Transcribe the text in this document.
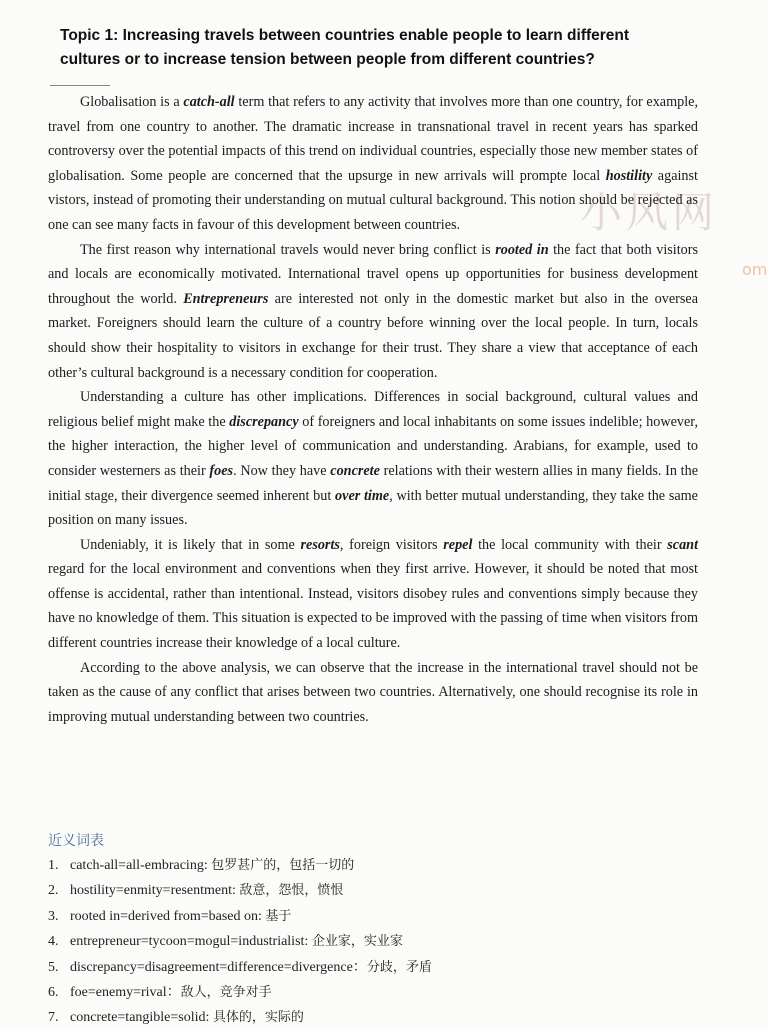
Topic 1: Increasing travels between countries enable people to learn different
cultures or to increase tension between people from different countries?
小风网
om

Globalisation is a catch-all term that refers to any activity that involves more than one country, for example, travel from one country to another. The dramatic increase in transnational travel in recent years has sparked controversy over the potential impacts of this trend on individual countries, especially those new member states of globalisation. Some people are concerned that the upsurge in new arrivals will prompte local hostility against vistors, instead of promoting their understanding on mutual cultural background. This notion should be rejected as one can see many facts in favour of this development between countries.

The first reason why international travels would never bring conflict is rooted in the fact that both visitors and locals are economically motivated. International travel opens up opportunities for business development throughout the world. Entrepreneurs are interested not only in the domestic market but also in the oversea market. Foreigners should learn the culture of a country before winning over the local people. In turn, locals should show their hospitality to visitors in exchange for their trust. They share a view that acceptance of each other’s cultural background is a necessary condition for cooperation.

Understanding a culture has other implications. Differences in social background, cultural values and religious belief might make the discrepancy of foreigners and local inhabitants on some issues indelible; however, the higher interaction, the higher level of communication and understanding. Arabians, for example, used to consider westerners as their foes. Now they have concrete relations with their western allies in many fields. In the initial stage, their divergence seemed inherent but over time, with better mutual understanding, they take the same position on many issues.

Undeniably, it is likely that in some resorts, foreign visitors repel the local community with their scant regard for the local environment and conventions when they first arrive. However, it should be noted that most offense is accidental, rather than intentional. Instead, visitors disobey rules and conventions simply because they have no knowledge of them. This situation is expected to be improved with the passing of time when visitors from different countries increase their knowledge of a local culture.

According to the above analysis, we can observe that the increase in the international travel should not be taken as the cause of any conflict that arises between two countries. Alternatively, one should recognise its role in improving mutual understanding between two countries.

近义词表
1. catch-all=all-embracing: 包罗甚广的，包括一切的
2. hostility=enmity=resentment: 敌意，怨恨，愤恨
3. rooted in=derived from=based on: 基于
4. entrepreneur=tycoon=mogul=industrialist: 企业家，实业家
5. discrepancy=disagreement=difference=divergence：分歧，矛盾
6. foe=enemy=rival：敌人，竞争对手
7. concrete=tangible=solid: 具体的，实际的
